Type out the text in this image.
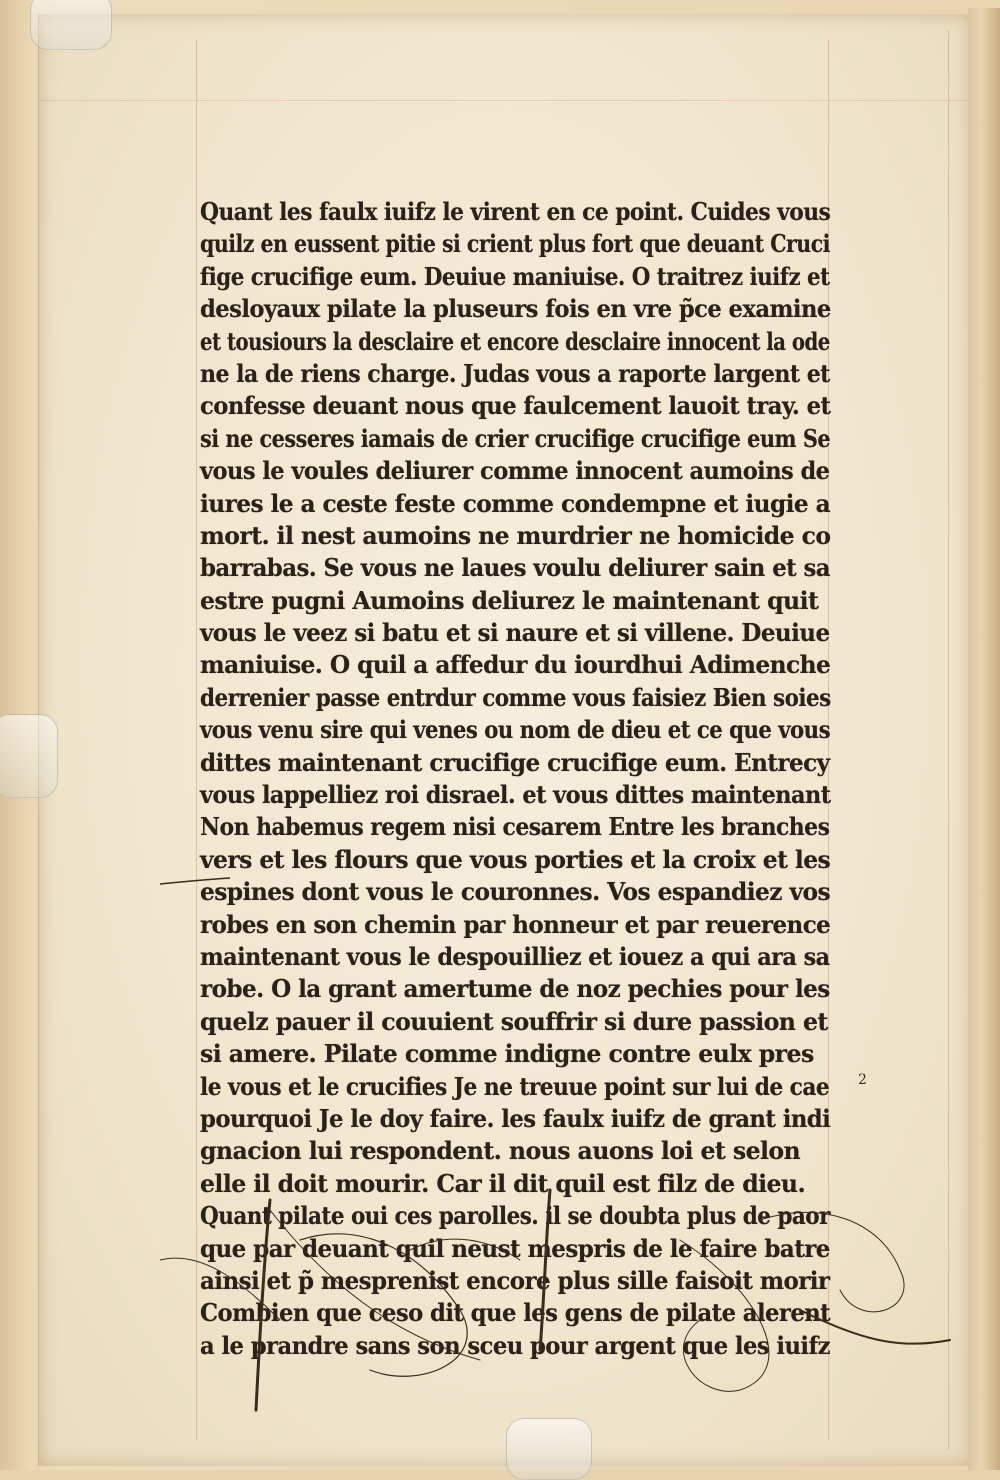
Quant les faulx iuifz le virent en ce point. Cuides vous
quilz en eussent pitie si crient plus fort que deuant Cruci
fige crucifige eum. Deuiue maniuise. O traitrez iuifz et
desloyaux pilate la pluseurs fois en vre p̃ce examine
et tousiours la desclaire et encore desclaire innocent la ode
ne la de riens charge. Judas vous a raporte largent et
confesse deuant nous que faulcement lauoit tray. et
si ne cesseres iamais de crier crucifige crucifige eum Se
vous le voules deliurer comme innocent aumoins de
iures le a ceste feste comme condempne et iugie a
mort. il nest aumoins ne murdrier ne homicide co
barrabas. Se vous ne laues voulu deliurer sain et sa
estre pugni Aumoins deliurez le maintenant quit
vous le veez si batu et si naure et si villene. Deuiue
maniuise. O quil a affedur du iourdhui Adimenche
derrenier passe entrdur comme vous faisiez Bien soies
vous venu sire qui venes ou nom de dieu et ce que vous
dittes maintenant crucifige crucifige eum. Entrecy
vous lappelliez roi disrael. et vous dittes maintenant
Non habemus regem nisi cesarem Entre les branches
vers et les flours que vous porties et la croix et les
espines dont vous le couronnes. Vos espandiez vos
robes en son chemin par honneur et par reuerence
maintenant vous le despouilliez et iouez a qui ara sa
robe. O la grant amertume de noz pechies pour les
quelz pauer il couuient souffrir si dure passion et
si amere. Pilate comme indigne contre eulx pres
le vous et le crucifies Je ne treuue point sur lui de cae
pourquoi Je le doy faire. les faulx iuifz de grant indi
gnacion lui respondent. nous auons loi et selon
elle il doit mourir. Car il dit quil est filz de dieu.
Quant pilate oui ces parolles. il se doubta plus de paor
que par deuant quil neust mespris de le faire batre
ainsi et p̃ mesprenist encore plus sille faisoit morir
Combien que ceso dit que les gens de pilate alerent
a le prandre sans son sceu pour argent que les iuifz
2
